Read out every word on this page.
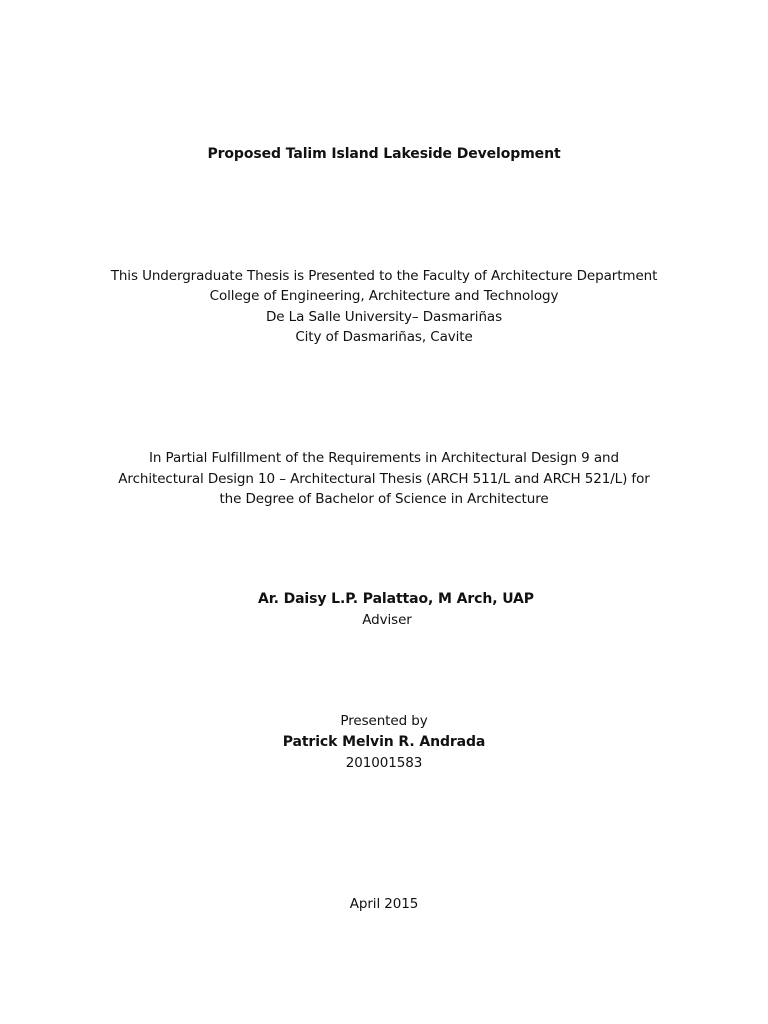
Proposed Talim Island Lakeside Development
This Undergraduate Thesis is Presented to the Faculty of Architecture Department
College of Engineering, Architecture and Technology
De La Salle University– Dasmariñas
City of Dasmariñas, Cavite
In Partial Fulfillment of the Requirements in Architectural Design 9 and
Architectural Design 10 – Architectural Thesis (ARCH 511/L and ARCH 521/L) for
the Degree of Bachelor of Science in Architecture
Ar. Daisy L.P. Palattao, M Arch, UAP
Adviser
Presented by
Patrick Melvin R. Andrada
201001583
April 2015
